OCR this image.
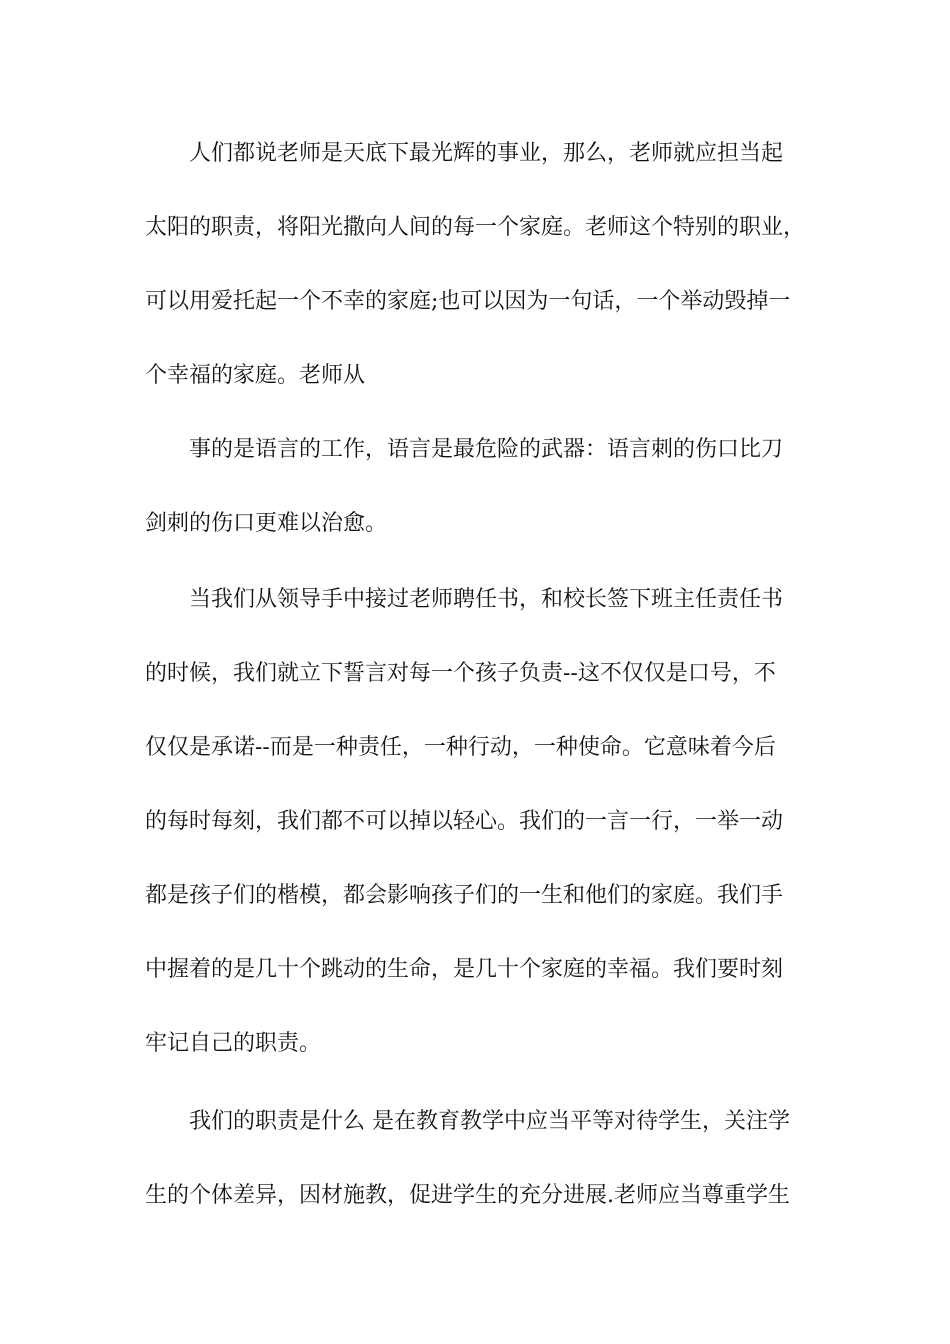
人们都说老师是天底下最光辉的事业，那么，老师就应担当起
太阳的职责，将阳光撒向人间的每一个家庭。老师这个特别的职业，
可以用爱托起一个不幸的家庭;也可以因为一句话，一个举动毁掉一
个幸福的家庭。老师从
事的是语言的工作，语言是最危险的武器：语言刺的伤口比刀
剑刺的伤口更难以治愈。
当我们从领导手中接过老师聘任书，和校长签下班主任责任书
的时候，我们就立下誓言对每一个孩子负责--这不仅仅是口号，不
仅仅是承诺--而是一种责任，一种行动，一种使命。它意味着今后
的每时每刻，我们都不可以掉以轻心。我们的一言一行，一举一动
都是孩子们的楷模，都会影响孩子们的一生和他们的家庭。我们手
中握着的是几十个跳动的生命，是几十个家庭的幸福。我们要时刻
牢记自己的职责。
我们的职责是什么 是在教育教学中应当平等对待学生，关注学
生的个体差异，因材施教，促进学生的充分进展.老师应当尊重学生
